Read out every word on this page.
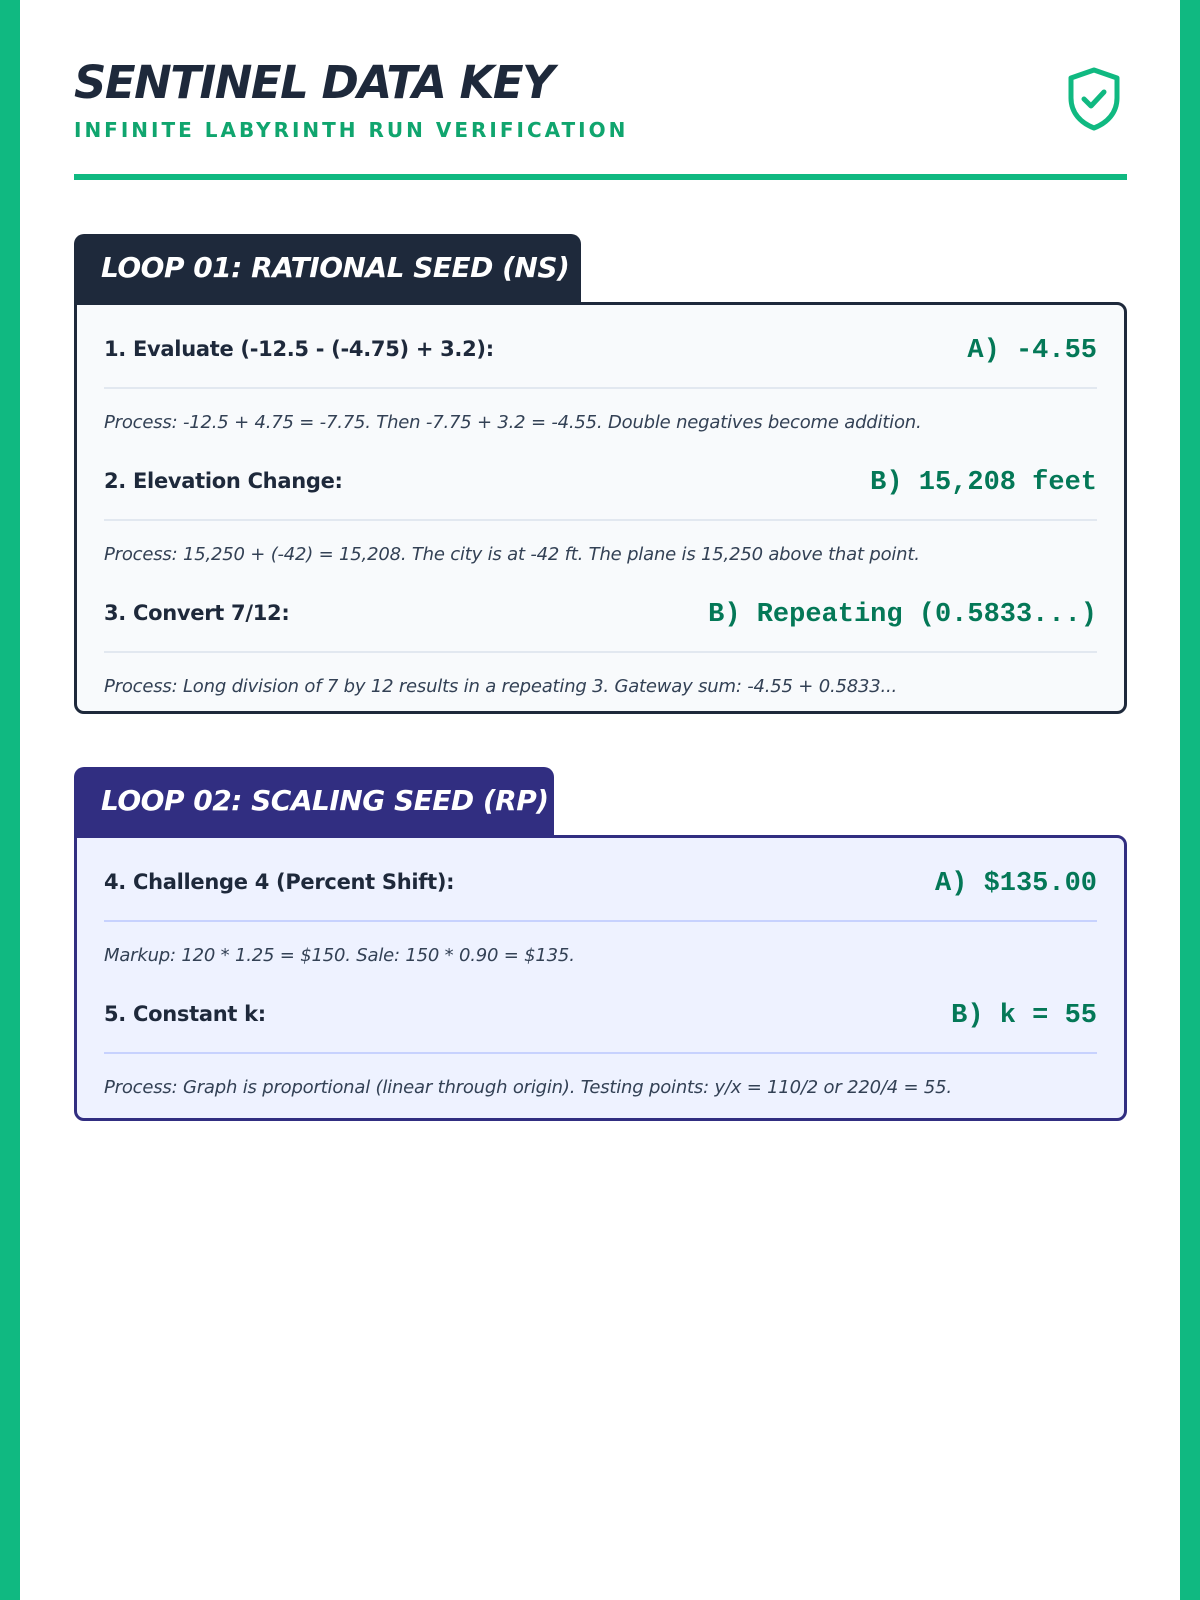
SENTINEL DATA KEY
INFINITE LABYRINTH RUN VERIFICATION
LOOP 01: RATIONAL SEED (NS)
1. Evaluate (-12.5 - (-4.75) + 3.2):	A) -4.55
Process: -12.5 + 4.75 = -7.75. Then -7.75 + 3.2 = -4.55. Double negatives become addition.
2. Elevation Change:	B) 15,208 feet
Process: 15,250 + (-42) = 15,208. The city is at -42 ft. The plane is 15,250 above that point.
3. Convert 7/12:	B) Repeating (0.5833...)
Process: Long division of 7 by 12 results in a repeating 3. Gateway sum: -4.55 + 0.5833...
LOOP 02: SCALING SEED (RP)
4. Challenge 4 (Percent Shift):	A) $135.00
Markup: 120 * 1.25 = $150. Sale: 150 * 0.90 = $135.
5. Constant k:	B) k = 55
Process: Graph is proportional (linear through origin). Testing points: y/x = 110/2 or 220/4 = 55.
